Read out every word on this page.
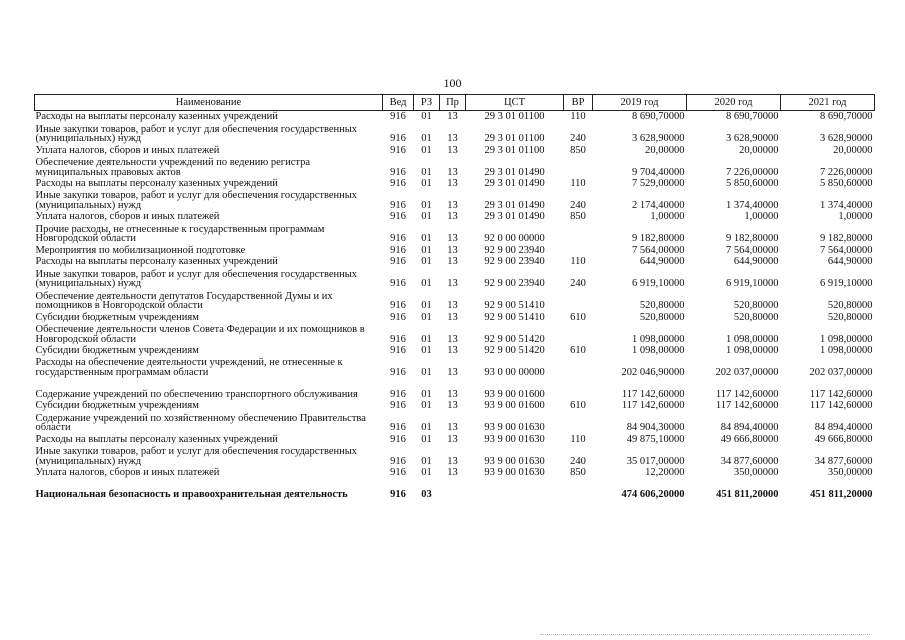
100
Наименование	Вед	РЗ	Пр	ЦСТ	ВР	2019 год	2020 год	2021 год
Расходы на выплаты персоналу казенных учреждений	916	01	13	29 3 01 01100	110	8 690,70000	8 690,70000	8 690,70000
Иные закупки товаров, работ и услуг для обеспечения государственных (муниципальных) нужд	916	01	13	29 3 01 01100	240	3 628,90000	3 628,90000	3 628,90000
Уплата налогов, сборов и иных платежей	916	01	13	29 3 01 01100	850	20,00000	20,00000	20,00000
Обеспечение деятельности учреждений по ведению регистра муниципальных правовых актов	916	01	13	29 3 01 01490		9 704,40000	7 226,00000	7 226,00000
Расходы на выплаты персоналу казенных учреждений	916	01	13	29 3 01 01490	110	7 529,00000	5 850,60000	5 850,60000
Иные закупки товаров, работ и услуг для обеспечения государственных (муниципальных) нужд	916	01	13	29 3 01 01490	240	2 174,40000	1 374,40000	1 374,40000
Уплата налогов, сборов и иных платежей	916	01	13	29 3 01 01490	850	1,00000	1,00000	1,00000
Прочие расходы, не отнесенные к государственным программам Новгородской области	916	01	13	92 0 00 00000		9 182,80000	9 182,80000	9 182,80000
Мероприятия по мобилизационной подготовке	916	01	13	92 9 00 23940		7 564,00000	7 564,00000	7 564,00000
Расходы на выплаты персоналу казенных учреждений	916	01	13	92 9 00 23940	110	644,90000	644,90000	644,90000
Иные закупки товаров, работ и услуг для обеспечения государственных (муниципальных) нужд	916	01	13	92 9 00 23940	240	6 919,10000	6 919,10000	6 919,10000
Обеспечение деятельности депутатов Государственной Думы и их помощников в Новгородской области	916	01	13	92 9 00 51410		520,80000	520,80000	520,80000
Субсидии бюджетным учреждениям	916	01	13	92 9 00 51410	610	520,80000	520,80000	520,80000
Обеспечение деятельности членов Совета Федерации и их помощников в Новгородской области	916	01	13	92 9 00 51420		1 098,00000	1 098,00000	1 098,00000
Субсидии бюджетным учреждениям	916	01	13	92 9 00 51420	610	1 098,00000	1 098,00000	1 098,00000
Расходы на обеспечение деятельности учреждений, не отнесенные к государственным программам области	916	01	13	93 0 00 00000		202 046,90000	202 037,00000	202 037,00000
Содержание учреждений по обеспечению транспортного обслуживания	916	01	13	93 9 00 01600		117 142,60000	117 142,60000	117 142,60000
Субсидии бюджетным учреждениям	916	01	13	93 9 00 01600	610	117 142,60000	117 142,60000	117 142,60000
Содержание учреждений по хозяйственному обеспечению Правительства области	916	01	13	93 9 00 01630		84 904,30000	84 894,40000	84 894,40000
Расходы на выплаты персоналу казенных учреждений	916	01	13	93 9 00 01630	110	49 875,10000	49 666,80000	49 666,80000
Иные закупки товаров, работ и услуг для обеспечения государственных (муниципальных) нужд	916	01	13	93 9 00 01630	240	35 017,00000	34 877,60000	34 877,60000
Уплата налогов, сборов и иных платежей	916	01	13	93 9 00 01630	850	12,20000	350,00000	350,00000
Национальная безопасность и правоохранительная деятельность	916	03				474 606,20000	451 811,20000	451 811,20000
